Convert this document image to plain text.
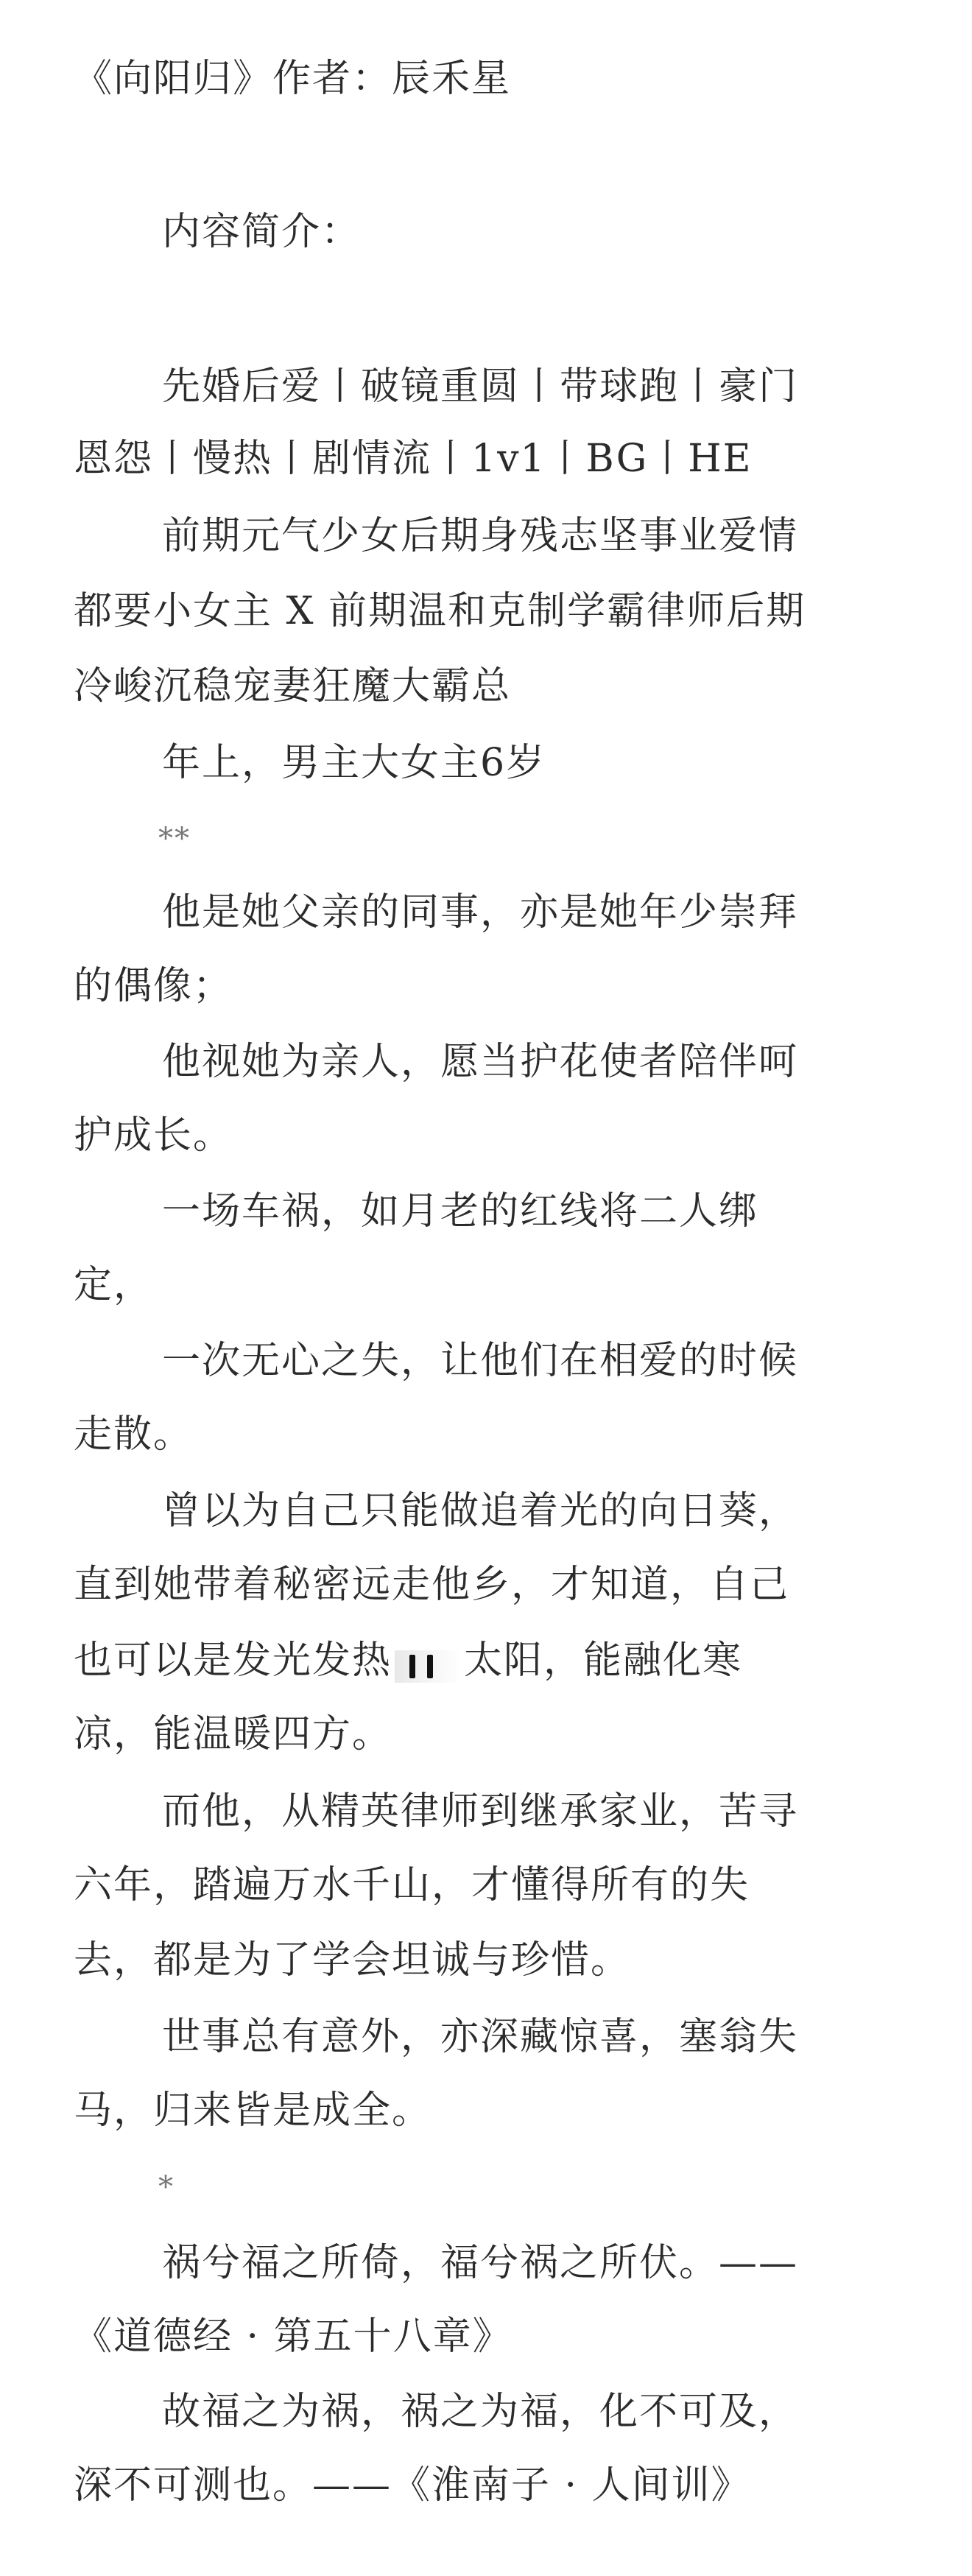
《向阳归》作者：辰禾星

内容简介：

先婚后爱丨破镜重圆丨带球跑丨豪门

恩怨丨慢热丨剧情流丨1v1丨BG丨HE

前期元气少女后期身残志坚事业爱情

都要小女主 X 前期温和克制学霸律师后期

冷峻沉稳宠妻狂魔大霸总

年上，男主大女主6岁

**

他是她父亲的同事，亦是她年少崇拜

的偶像；

他视她为亲人，愿当护花使者陪伴呵

护成长。

一场车祸，如月老的红线将二人绑

定，

一次无心之失，让他们在相爱的时候

走散。

曾以为自己只能做追着光的向日葵，

直到她带着秘密远走他乡，才知道，自己

也可以是发光发热 太阳，能融化寒

凉，能温暖四方。

而他，从精英律师到继承家业，苦寻

六年，踏遍万水千山，才懂得所有的失

去，都是为了学会坦诚与珍惜。

世事总有意外，亦深藏惊喜，塞翁失

马，归来皆是成全。

*

祸兮福之所倚，福兮祸之所伏。——

《道德经 · 第五十八章》

故福之为祸，祸之为福，化不可及，

深不可测也。——《淮南子 · 人间训》
